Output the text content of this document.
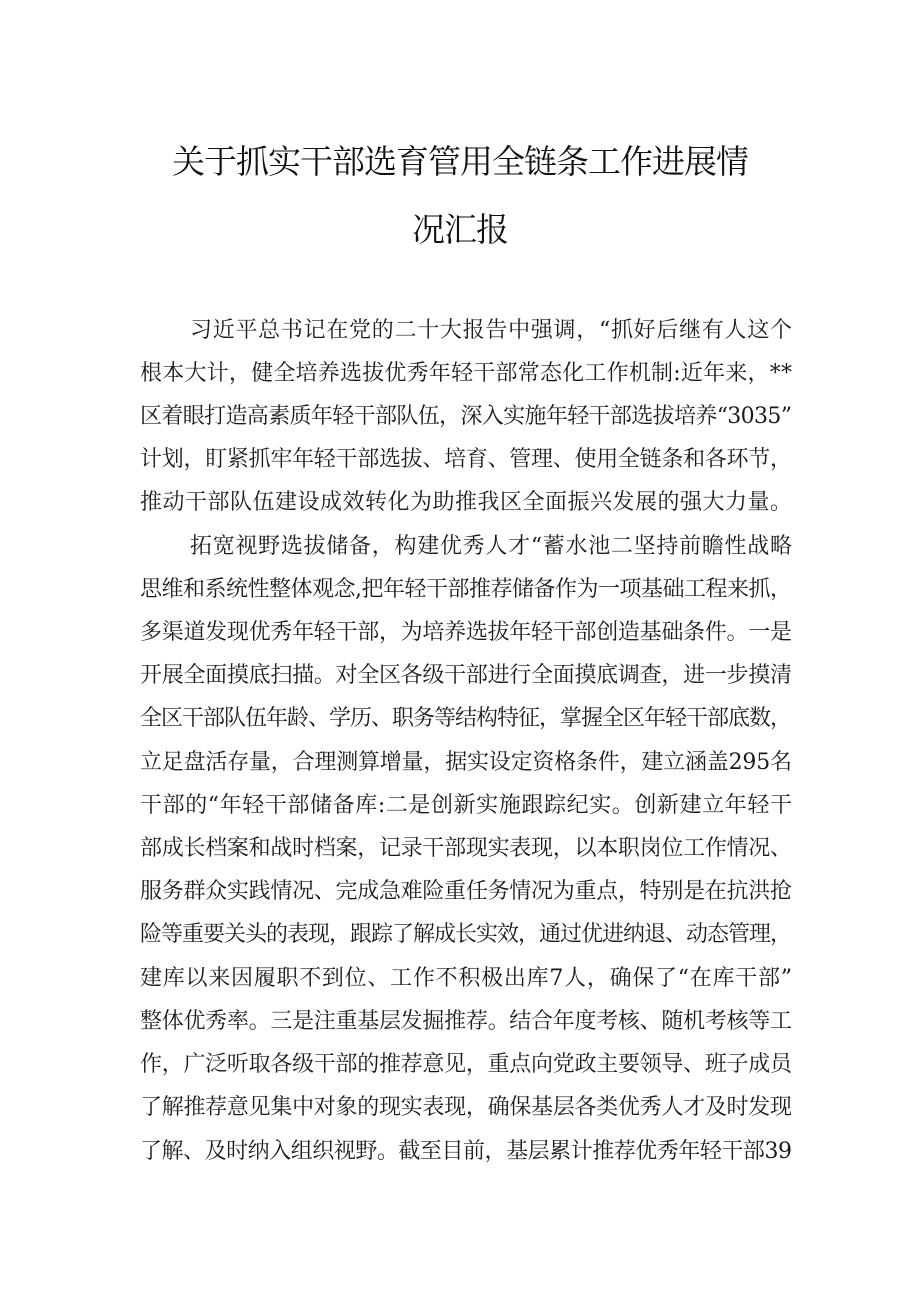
关于抓实干部选育管用全链条工作进展情
况汇报
习近平总书记在党的二十大报告中强调，“抓好后继有人这个
根本大计，健全培养选拔优秀年轻干部常态化工作机制:近年来，**
区着眼打造高素质年轻干部队伍，深入实施年轻干部选拔培养“3035”
计划，盯紧抓牢年轻干部选拔、培育、管理、使用全链条和各环节，
推动干部队伍建设成效转化为助推我区全面振兴发展的强大力量。
拓宽视野选拔储备，构建优秀人才“蓄水池二坚持前瞻性战略
思维和系统性整体观念,把年轻干部推荐储备作为一项基础工程来抓，
多渠道发现优秀年轻干部，为培养选拔年轻干部创造基础条件。一是
开展全面摸底扫描。对全区各级干部进行全面摸底调查，进一步摸清
全区干部队伍年龄、学历、职务等结构特征，掌握全区年轻干部底数，
立足盘活存量，合理测算增量，据实设定资格条件，建立涵盖295名
干部的“年轻干部储备库:二是创新实施跟踪纪实。创新建立年轻干
部成长档案和战时档案，记录干部现实表现，以本职岗位工作情况、
服务群众实践情况、完成急难险重任务情况为重点，特别是在抗洪抢
险等重要关头的表现，跟踪了解成长实效，通过优进纳退、动态管理，
建库以来因履职不到位、工作不积极出库7人，确保了“在库干部”
整体优秀率。三是注重基层发掘推荐。结合年度考核、随机考核等工
作，广泛听取各级干部的推荐意见，重点向党政主要领导、班子成员
了解推荐意见集中对象的现实表现，确保基层各类优秀人才及时发现
了解、及时纳入组织视野。截至目前，基层累计推荐优秀年轻干部39
